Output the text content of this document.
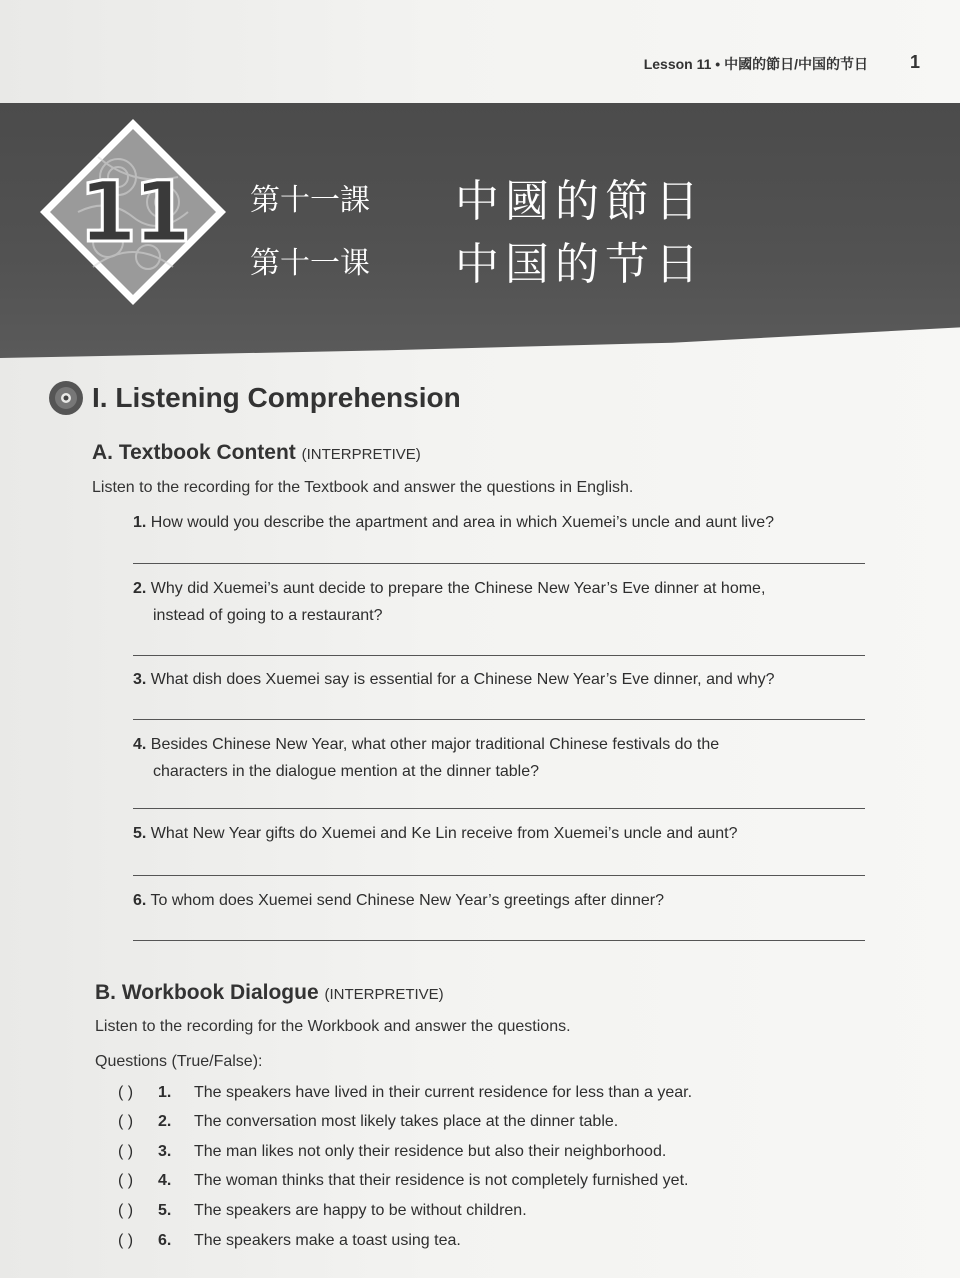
Lesson 11 • 中國的節日/中国的节日 1
11	第十一課	中國的節日
第十一课	中国的节日
I. Listening Comprehension
A. Textbook Content (INTERPRETIVE)
Listen to the recording for the Textbook and answer the questions in English.
1. How would you describe the apartment and area in which Xuemei’s uncle and aunt live?
2. Why did Xuemei’s aunt decide to prepare the Chinese New Year’s Eve dinner at home,
instead of going to a restaurant?
3. What dish does Xuemei say is essential for a Chinese New Year’s Eve dinner, and why?
4. Besides Chinese New Year, what other major traditional Chinese festivals do the
characters in the dialogue mention at the dinner table?
5. What New Year gifts do Xuemei and Ke Lin receive from Xuemei’s uncle and aunt?
6. To whom does Xuemei send Chinese New Year’s greetings after dinner?
B. Workbook Dialogue (INTERPRETIVE)
Listen to the recording for the Workbook and answer the questions.
Questions (True/False):
( )	1.	The speakers have lived in their current residence for less than a year.
( )	2.	The conversation most likely takes place at the dinner table.
( )	3.	The man likes not only their residence but also their neighborhood.
( )	4.	The woman thinks that their residence is not completely furnished yet.
( )	5.	The speakers are happy to be without children.
( )	6.	The speakers make a toast using tea.
